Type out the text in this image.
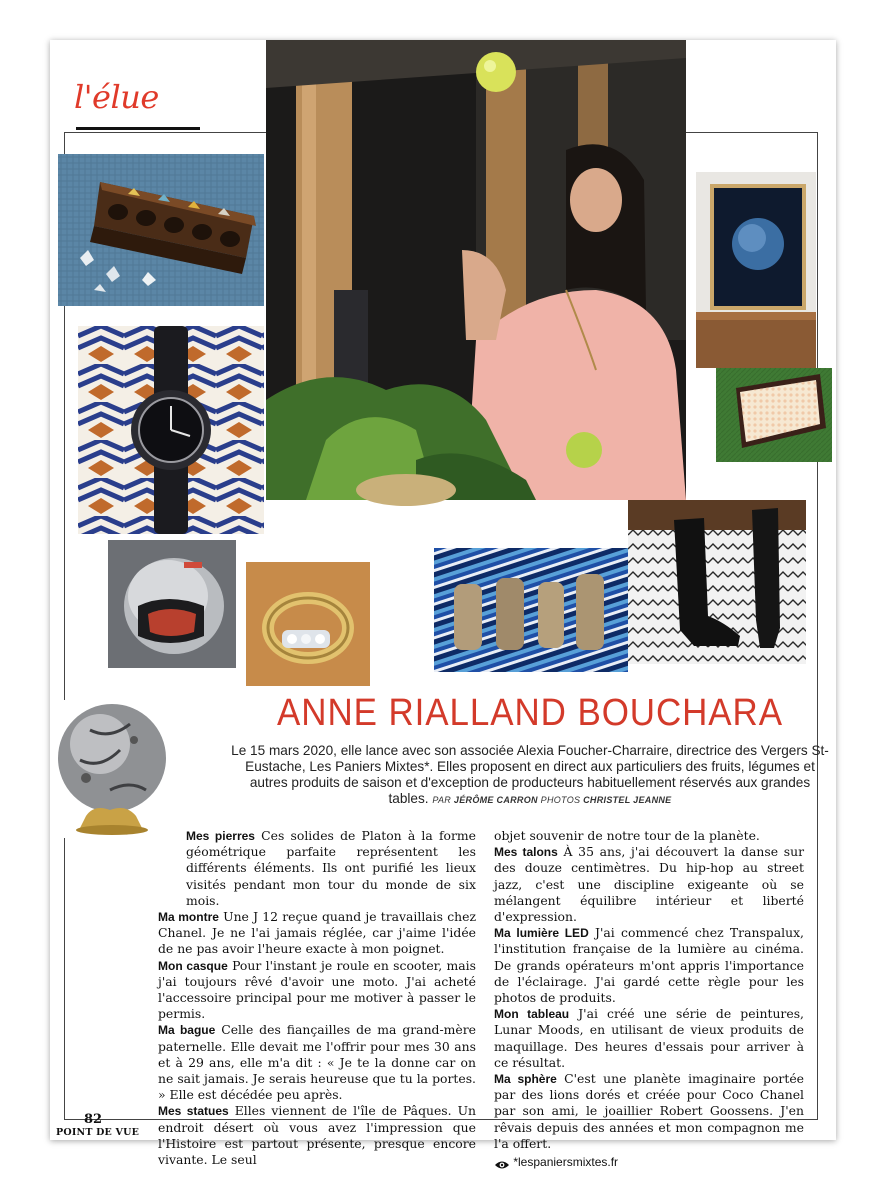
l'élue
ANNE RIALLAND BOUCHARA
Le 15 mars 2020, elle lance avec son associée Alexia Foucher-Charraire, directrice des Vergers St-Eustache, Les Paniers Mixtes*. Elles proposent en direct aux particuliers des fruits, légumes et autres produits de saison et d'exception de producteurs habituellement réservés aux grandes tables. PAR JÉRÔME CARRON PHOTOS CHRISTEL JEANNE

Mes pierres Ces solides de Platon à la forme géométrique parfaite représentent les différents éléments. Ils ont purifié les lieux visités pendant mon tour du monde de six mois.

Ma montre Une J 12 reçue quand je travaillais chez Chanel. Je ne l'ai jamais réglée, car j'aime l'idée de ne pas avoir l'heure exacte à mon poignet.

Mon casque Pour l'instant je roule en scooter, mais j'ai toujours rêvé d'avoir une moto. J'ai acheté l'accessoire principal pour me motiver à passer le permis.

Ma bague Celle des fiançailles de ma grand-mère paternelle. Elle devait me l'offrir pour mes 30 ans et à 29 ans, elle m'a dit : « Je te la donne car on ne sait jamais. Je serais heureuse que tu la portes. » Elle est décédée peu après.

Mes statues Elles viennent de l'île de Pâques. Un endroit désert où vous avez l'impression que l'Histoire est partout présente, presque encore vivante. Le seul

objet souvenir de notre tour de la planète.

Mes talons À 35 ans, j'ai découvert la danse sur des douze centimètres. Du hip-hop au street jazz, c'est une discipline exigeante où se mélangent équilibre intérieur et liberté d'expression.

Ma lumière LED J'ai commencé chez Transpalux, l'institution française de la lumière au cinéma. De grands opérateurs m'ont appris l'importance de l'éclairage. J'ai gardé cette règle pour les photos de produits.

Mon tableau J'ai créé une série de peintures, Lunar Moods, en utilisant de vieux produits de maquillage. Des heures d'essais pour arriver à ce résultat.

Ma sphère C'est une planète imaginaire portée par des lions dorés et créée pour Coco Chanel par son ami, le joaillier Robert Goossens. J'en rêvais depuis des années et mon compagnon me l'a offert.

*lespaniersmixtes.fr
82
POINT DE VUE
